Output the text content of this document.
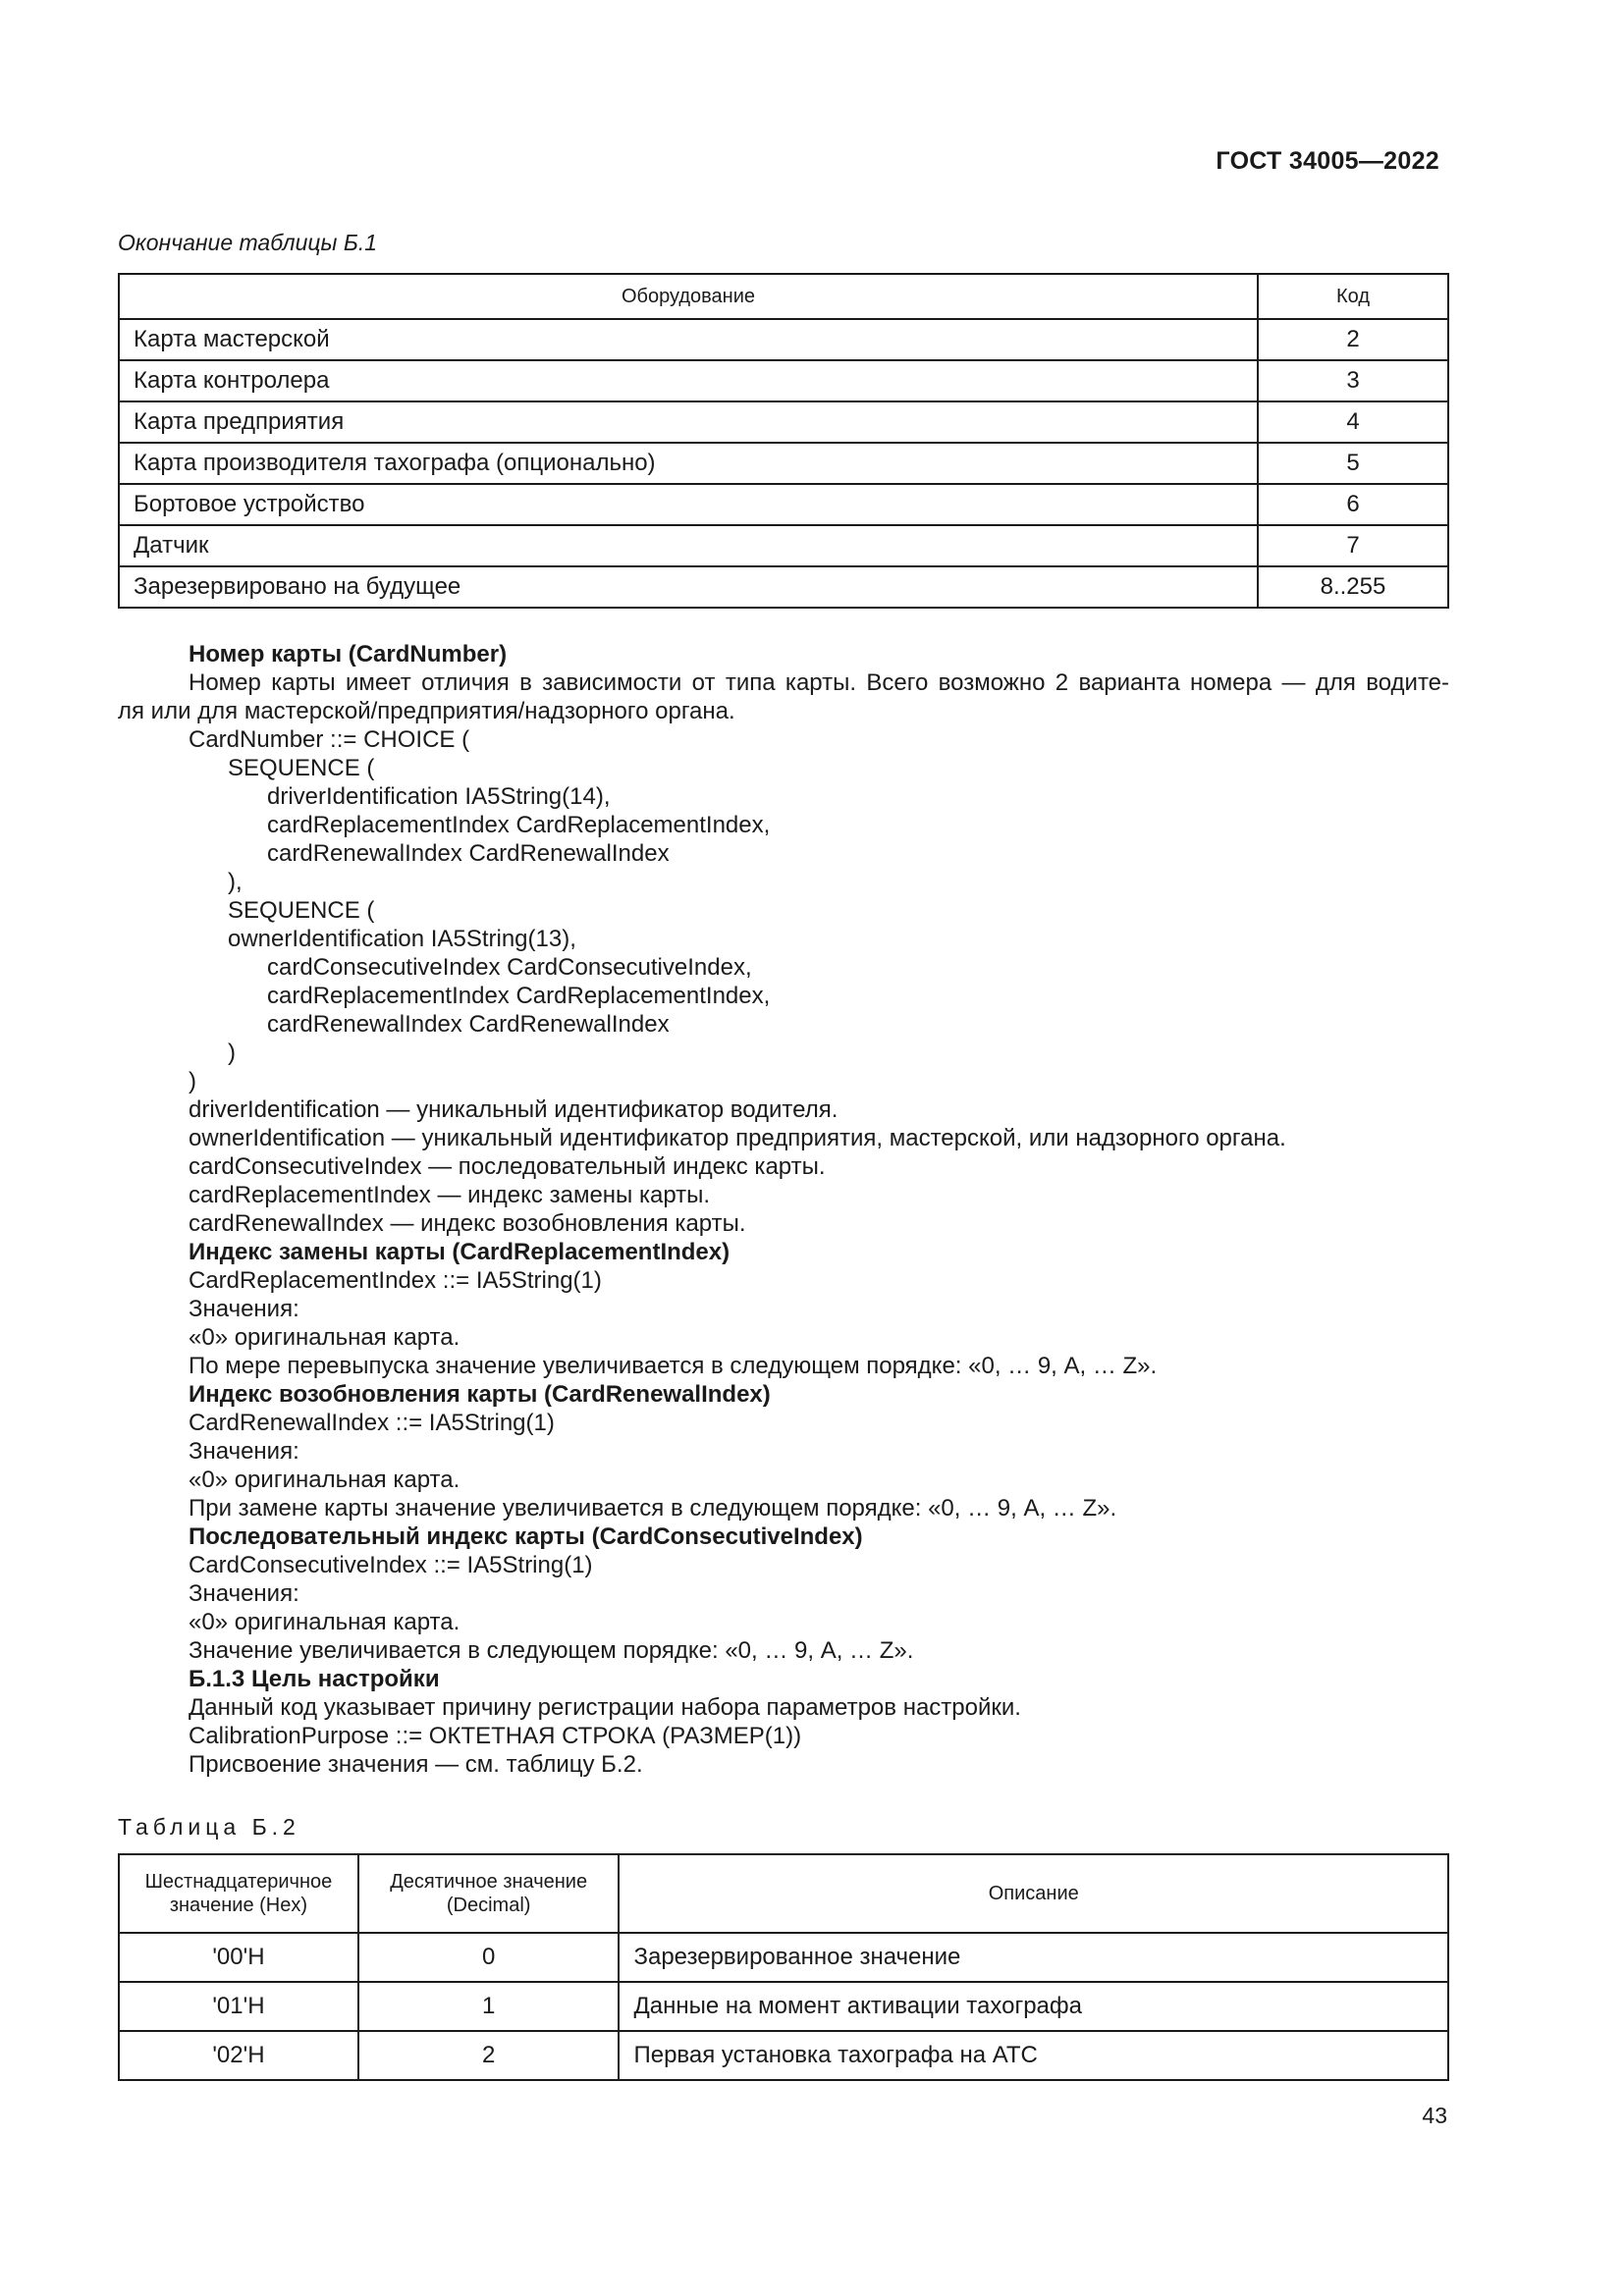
ГОСТ 34005—2022
Окончание таблицы Б.1
Оборудование	Код
Карта мастерской	2
Карта контролера	3
Карта предприятия	4
Карта производителя тахографа (опционально)	5
Бортовое устройство	6
Датчик	7
Зарезервировано на будущее	8..255

Номер карты (CardNumber)

Номер карты имеет отличия в зависимости от типа карты. Всего возможно 2 варианта номера — для водите-

ля или для мастерской/предприятия/надзорного органа.

CardNumber ::= CHOICE (

SEQUENCE (

driverIdentification IA5String(14),

cardReplacementIndex CardReplacementIndex,

cardRenewalIndex CardRenewalIndex

),

SEQUENCE (

ownerIdentification IA5String(13),

cardConsecutiveIndex CardConsecutiveIndex,

cardReplacementIndex CardReplacementIndex,

cardRenewalIndex CardRenewalIndex

)

)

driverIdentification — уникальный идентификатор водителя.

ownerIdentification — уникальный идентификатор предприятия, мастерской, или надзорного органа.

cardConsecutiveIndex — последовательный индекс карты.

cardReplacementIndex — индекс замены карты.

cardRenewalIndex — индекс возобновления карты.

Индекс замены карты (CardReplacementIndex)

CardReplacementIndex ::= IA5String(1)

Значения:

«0» оригинальная карта.

По мере перевыпуска значение увеличивается в следующем порядке: «0, … 9, A, … Z».

Индекс возобновления карты (CardRenewalIndex)

CardRenewalIndex ::= IA5String(1)

Значения:

«0» оригинальная карта.

При замене карты значение увеличивается в следующем порядке: «0, … 9, A, … Z».

Последовательный индекс карты (CardConsecutiveIndex)

CardConsecutiveIndex ::= IA5String(1)

Значения:

«0» оригинальная карта.

Значение увеличивается в следующем порядке: «0, … 9, A, … Z».

Б.1.3 Цель настройки

Данный код указывает причину регистрации набора параметров настройки.

CalibrationPurpose ::= ОКТЕТНАЯ СТРОКА (РАЗМЕР(1))

Присвоение значения — см. таблицу Б.2.

Таблица Б.2
Шестнадцатеричное значение (Hex)	Десятичное значение (Decimal)	Описание
'00'H	0	Зарезервированное значение
'01'H	1	Данные на момент активации тахографа
'02'H	2	Первая установка тахографа на АТС
43
